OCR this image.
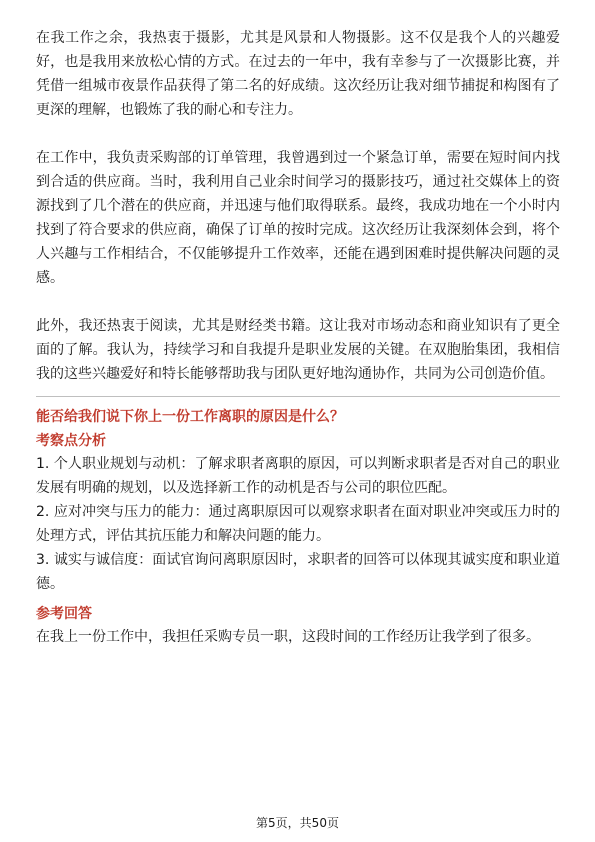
在我工作之余，我热衷于摄影，尤其是风景和人物摄影。这不仅是我个人的兴趣爱好，也是我用来放松心情的方式。在过去的一年中，我有幸参与了一次摄影比赛，并凭借一组城市夜景作品获得了第二名的好成绩。这次经历让我对细节捕捉和构图有了更深的理解，也锻炼了我的耐心和专注力。

在工作中，我负责采购部的订单管理，我曾遇到过一个紧急订单，需要在短时间内找到合适的供应商。当时，我利用自己业余时间学习的摄影技巧，通过社交媒体上的资源找到了几个潜在的供应商，并迅速与他们取得联系。最终，我成功地在一个小时内找到了符合要求的供应商，确保了订单的按时完成。这次经历让我深刻体会到，将个人兴趣与工作相结合，不仅能够提升工作效率，还能在遇到困难时提供解决问题的灵感。

此外，我还热衷于阅读，尤其是财经类书籍。这让我对市场动态和商业知识有了更全面的了解。我认为，持续学习和自我提升是职业发展的关键。在双胞胎集团，我相信我的这些兴趣爱好和特长能够帮助我与团队更好地沟通协作，共同为公司创造价值。

能否给我们说下你上一份工作离职的原因是什么？

考察点分析

1. 个人职业规划与动机：了解求职者离职的原因，可以判断求职者是否对自己的职业发展有明确的规划，以及选择新工作的动机是否与公司的职位匹配。

2. 应对冲突与压力的能力：通过离职原因可以观察求职者在面对职业冲突或压力时的处理方式，评估其抗压能力和解决问题的能力。

3. 诚实与诚信度：面试官询问离职原因时，求职者的回答可以体现其诚实度和职业道德。

参考回答

在我上一份工作中，我担任采购专员一职，这段时间的工作经历让我学到了很多。

第5页，共50页
